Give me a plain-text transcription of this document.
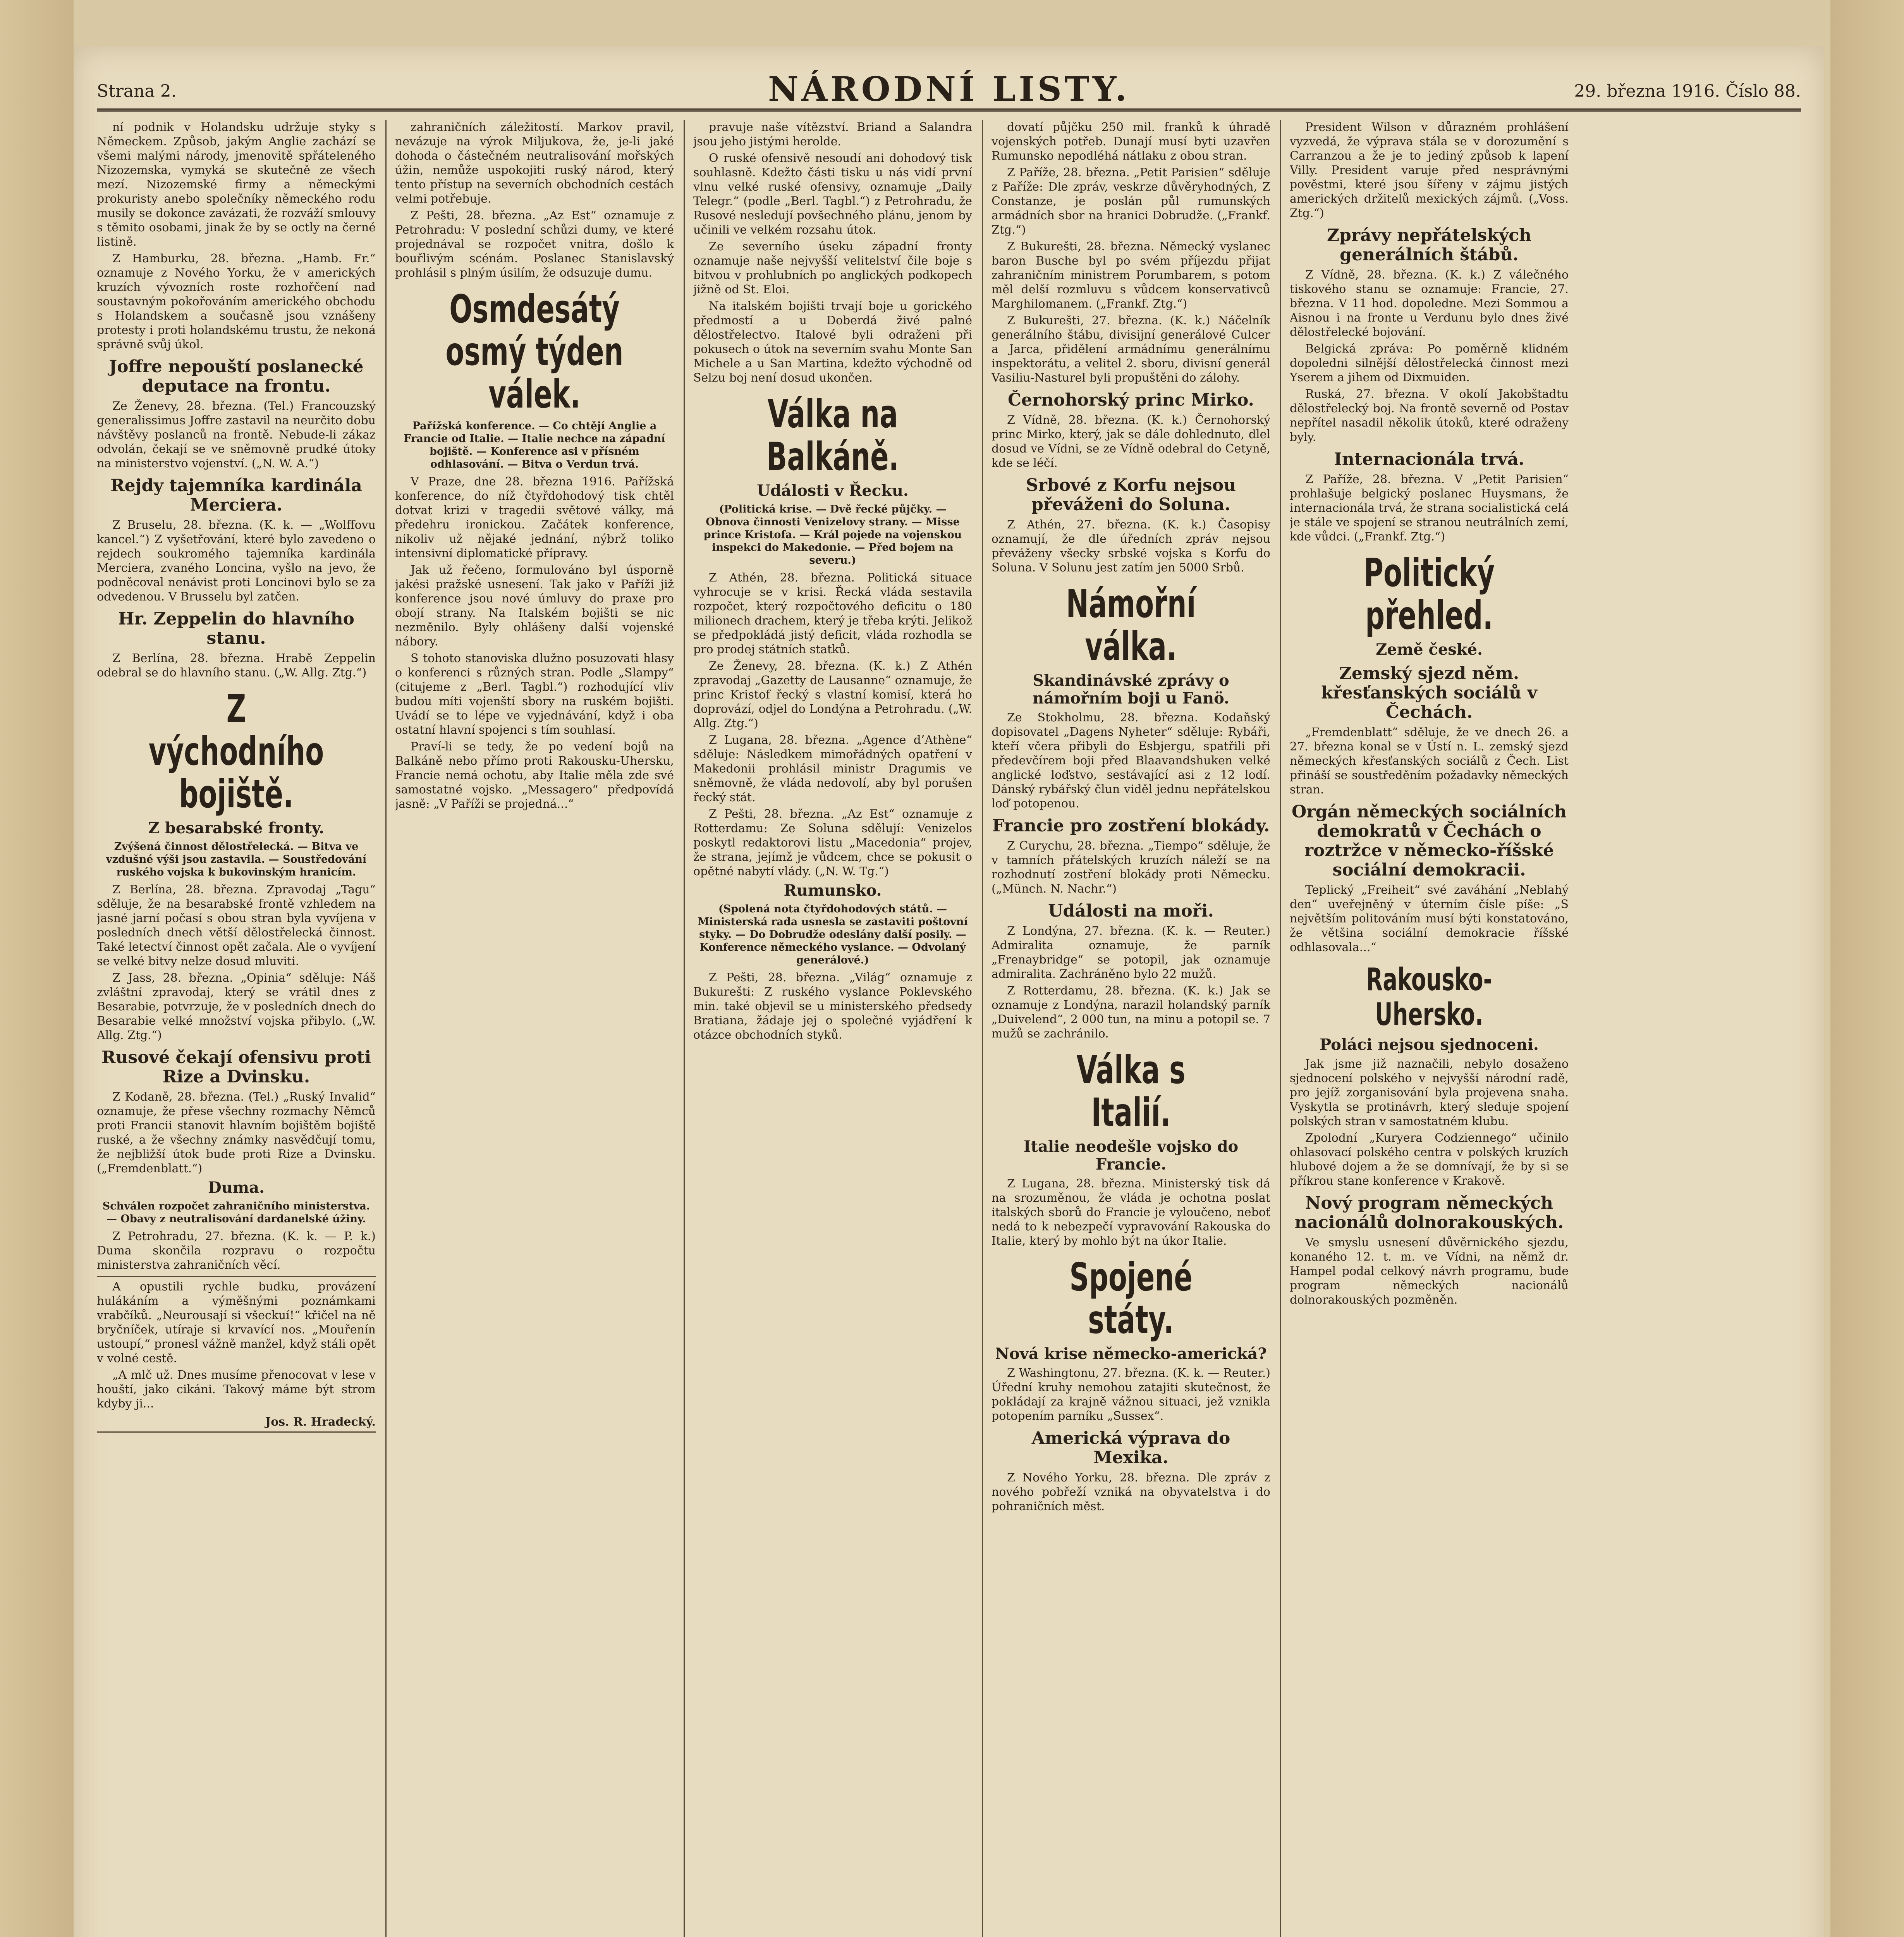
Strana 2.	NÁRODNÍ LISTY.	29. března 1916. Číslo 88.

ní podnik v Holandsku udržuje styky s Německem. Způsob, jakým Anglie zachází se všemi malými národy, jmenovitě spřáteleného Nizozemska, vymyká se skutečně ze všech mezí. Nizozemské firmy a německými prokuristy anebo společníky německého rodu musily se dokonce zavázati, že rozváží smlouvy s těmito osobami, jinak že by se octly na černé listině.

Z Hamburku, 28. března. „Hamb. Fr.“ oznamuje z Nového Yorku, že v amerických kruzích vývozních roste rozhořčení nad soustavným pokořováním amerického obchodu s Holandskem a současně jsou vznášeny protesty i proti holandskému trustu, že nekoná správně svůj úkol.

Joffre nepouští poslanecké deputace na frontu.

Ze Ženevy, 28. března. (Tel.) Francouzský generalissimus Joffre zastavil na neurčito dobu návštěvy poslanců na frontě. Nebude-li zákaz odvolán, čekají se ve sněmovně prudké útoky na ministerstvo vojenství. („N. W. A.“)

Rejdy tajemníka kardinála Merciera.

Z Bruselu, 28. března. (K. k. — „Wolffovu kancel.“) Z vyšetřování, které bylo zavedeno o rejdech soukromého tajemníka kardinála Merciera, zvaného Loncina, vyšlo na jevo, že podněcoval nenávist proti Loncinovi bylo se za odvedenou. V Brusselu byl zatčen.

Hr. Zeppelin do hlavního stanu.

Z Berlína, 28. března. Hrabě Zeppelin odebral se do hlavního stanu. („W. Allg. Ztg.“)

Z východního bojiště.
Z besarabské fronty.
Zvýšená činnost dělostřelecká. — Bitva ve vzdušné výši jsou zastavila. — Soustředování ruského vojska k bukovinským hranicím.

Z Berlína, 28. března. Zpravodaj „Tagu“ sděluje, že na besarabské frontě vzhledem na jasné jarní počasí s obou stran byla vyvíjena v posledních dnech větší dělostřelecká činnost. Také letectví činnost opět začala. Ale o vyvíjení se velké bitvy nelze dosud mluviti.

Z Jass, 28. března. „Opinia“ sděluje: Náš zvláštní zpravodaj, který se vrátil dnes z Besarabie, potvrzuje, že v posledních dnech do Besarabie velké množství vojska přibylo. („W. Allg. Ztg.“)

Rusové čekají ofensivu proti Rize a Dvinsku.

Z Kodaně, 28. března. (Tel.) „Ruský Invalid“ oznamuje, že přese všechny rozmachy Němců proti Francii stanovit hlavním bojištěm bojiště ruské, a že všechny známky nasvědčují tomu, že nejbližší útok bude proti Rize a Dvinsku. („Fremdenblatt.“)

Duma.
Schválen rozpočet zahraničního ministerstva. — Obavy z neutralisování dardanelské úžiny.

Z Petrohradu, 27. března. (K. k. — P. k.) Duma skončila rozpravu o rozpočtu ministerstva zahraničních věcí.

A opustili rychle budku, provázení hulákáním a výměšnými poznámkami vrabčíků. „Neurousají si všeckuí!“ křičel na ně bryčníček, utíraje si krvavící nos. „Mouřenín ustoupí,“ pronesl vážně manžel, když stáli opět v volné cestě.

„A mlč už. Dnes musíme přenocovat v lese v houští, jako cikáni. Takový máme být strom kdyby ji...

Jos. R. Hradecký.

zahraničních záležitostí. Markov pravil, nevázuje na výrok Miljukova, že, je-li jaké dohoda o částečném neutralisování mořských úžin, nemůže uspokojiti ruský národ, který tento přístup na severních obchodních cestách velmi potřebuje.

Z Pešti, 28. března. „Az Est“ oznamuje z Petrohradu: V poslední schůzi dumy, ve které projednával se rozpočet vnitra, došlo k bouřlivým scénám. Poslanec Stanislavský prohlásil s plným úsilím, že odsuzuje dumu.

Osmdesátý osmý týden válek.
Pařížská konference. — Co chtějí Anglie a Francie od Italie. — Italie nechce na západní bojiště. — Konference asi v přísném odhlasování. — Bitva o Verdun trvá.

V Praze, dne 28. března 1916. Pařížská konference, do níž čtyřdohodový tisk chtěl dotvat krizi v tragedii světové války, má předehru ironickou. Začátek konference, nikoliv už nějaké jednání, nýbrž toliko intensivní diplomatické přípravy.

Jak už řečeno, formulováno byl úsporně jakési pražské usnesení. Tak jako v Paříži již konference jsou nové úmluvy do praxe pro obojí strany. Na Italském bojišti se nic nezměnilo. Byly ohlášeny další vojenské nábory.

S tohoto stanoviska dlužno posuzovati hlasy o konferenci s různých stran. Podle „Slampy“ (citujeme z „Berl. Tagbl.“) rozhodující vliv budou míti vojenští sbory na ruském bojišti. Uvádí se to lépe ve vyjednávání, když i oba ostatní hlavní spojenci s tím souhlasí.

Praví-li se tedy, že po vedení bojů na Balkáně nebo přímo proti Rakousku-Uhersku, Francie nemá ochotu, aby Italie měla zde své samostatné vojsko. „Messagero“ předpovídá jasně: „V Paříži se projedná...“

pravuje naše vítězství. Briand a Salandra jsou jeho jistými herolde.

O ruské ofensivě nesoudí ani dohodový tisk souhlasně. Kdežto části tisku u nás vidí první vlnu velké ruské ofensivy, oznamuje „Daily Telegr.“ (podle „Berl. Tagbl.“) z Petrohradu, že Rusové nesledují povšechného plánu, jenom by učinili ve velkém rozsahu útok.

Ze severního úseku západní fronty oznamuje naše nejvyšší velitelství čile boje s bitvou v prohlubních po anglických podkopech jižně od St. Eloi.

Na italském bojišti trvají boje u gorického předmostí a u Doberdá živé palné dělostřelectvo. Italové byli odraženi při pokusech o útok na severním svahu Monte San Michele a u San Martina, kdežto východně od Selzu boj není dosud ukončen.

Válka na Balkáně.
Události v Řecku.
(Politická krise. — Dvě řecké půjčky. — Obnova činnosti Venizelovy strany. — Misse prince Kristofa. — Král pojede na vojenskou inspekci do Makedonie. — Před bojem na severu.)

Z Athén, 28. března. Politická situace vyhrocuje se v krisi. Řecká vláda sestavila rozpočet, který rozpočtového deficitu o 180 milionech drachem, který je třeba krýti. Jelikož se předpokládá jistý deficit, vláda rozhodla se pro prodej státních statků.

Ze Ženevy, 28. března. (K. k.) Z Athén zpravodaj „Gazetty de Lausanne“ oznamuje, že princ Kristof řecký s vlastní komisí, která ho doprovází, odjel do Londýna a Petrohradu. („W. Allg. Ztg.“)

Z Lugana, 28. března. „Agence d’Athène“ sděluje: Následkem mimořádných opatření v Makedonii prohlásil ministr Dragumis ve sněmovně, že vláda nedovolí, aby byl porušen řecký stát.

Z Pešti, 28. března. „Az Est“ oznamuje z Rotterdamu: Ze Soluna sdělují: Venizelos poskytl redaktorovi listu „Macedonia“ projev, že strana, jejímž je vůdcem, chce se pokusit o opětné nabytí vlády. („N. W. Tg.“)

Rumunsko.
(Spolená nota čtyřdohodových států. — Ministerská rada usnesla se zastaviti poštovní styky. — Do Dobrudže odeslány další posily. — Konference německého vyslance. — Odvolaný generálové.)

Z Pešti, 28. března. „Világ“ oznamuje z Bukurešti: Z ruského vyslance Poklevského min. také objevil se u ministerského předsedy Bratiana, žádaje jej o společné vyjádření k otázce obchodních styků.

dovatí půjčku 250 mil. franků k úhradě vojenských potřeb. Dunají musí byti uzavřen Rumunsko nepodléhá nátlaku z obou stran.

Z Paříže, 28. března. „Petit Parisien“ sděluje z Paříže: Dle zpráv, veskrze důvěryhodných, Z Constanze, je poslán půl rumunských armádních sbor na hranici Dobrudže. („Frankf. Ztg.“)

Z Bukurešti, 28. března. Německý vyslanec baron Busche byl po svém příjezdu přijat zahraničním ministrem Porumbarem, s potom měl delší rozmluvu s vůdcem konservativců Marghilomanem. („Frankf. Ztg.“)

Z Bukurešti, 27. března. (K. k.) Náčelník generálního štábu, divisijní generálové Culcer a Jarca, přidělení armádnímu generálnímu inspektorátu, a velitel 2. sboru, divisní generál Vasiliu-Nasturel byli propuštěni do zálohy.

Černohorský princ Mirko.

Z Vídně, 28. března. (K. k.) Černohorský princ Mirko, který, jak se dále dohlednuto, dlel dosud ve Vídni, se ze Vídně odebral do Cetyně, kde se léčí.

Srbové z Korfu nejsou převáženi do Soluna.

Z Athén, 27. března. (K. k.) Časopisy oznamují, že dle úředních zpráv nejsou převáženy všecky srbské vojska s Korfu do Soluna. V Solunu jest zatím jen 5000 Srbů.

Námořní válka.
Skandinávské zprávy o námořním boji u Fanö.

Ze Stokholmu, 28. března. Kodaňský dopisovatel „Dagens Nyheter“ sděluje: Rybáři, kteří včera přibyli do Esbjergu, spatřili při předevčírem boji před Blaavandshuken velké anglické loďstvo, sestávající asi z 12 lodí. Dánský rybářský člun viděl jednu nepřátelskou loď potopenou.

Francie pro zostření blokády.

Z Curychu, 28. března. „Tiempo“ sděluje, že v tamních přátelských kruzích náleží se na rozhodnutí zostření blokády proti Německu. („Münch. N. Nachr.“)

Události na moři.

Z Londýna, 27. března. (K. k. — Reuter.) Admiralita oznamuje, že parník „Frenaybridge“ se potopil, jak oznamuje admiralita. Zachráněno bylo 22 mužů.

Z Rotterdamu, 28. března. (K. k.) Jak se oznamuje z Londýna, narazil holandský parník „Duivelend“, 2 000 tun, na minu a potopil se. 7 mužů se zachránilo.

Válka s Italií.
Italie neodešle vojsko do Francie.

Z Lugana, 28. března. Ministerský tisk dá na srozuměnou, že vláda je ochotna poslat italských sborů do Francie je vyloučeno, neboť nedá to k nebezpečí vypravování Rakouska do Italie, který by mohlo být na úkor Italie.

Spojené státy.
Nová krise německo-americká?

Z Washingtonu, 27. března. (K. k. — Reuter.) Úřední kruhy nemohou zatajiti skutečnost, že pokládají za krajně vážnou situaci, jež vznikla potopením parníku „Sussex“.

Americká výprava do Mexika.

Z Nového Yorku, 28. března. Dle zpráv z nového pobřeží vzniká na obyvatelstva i do pohraničních měst.

President Wilson v důrazném prohlášení vyzvedá, že výprava stála se v dorozumění s Carranzou a že je to jediný způsob k lapení Villy. President varuje před nesprávnými pověstmi, které jsou šířeny v zájmu jistých amerických držitelů mexických zájmů. („Voss. Ztg.“)

Zprávy nepřátelských generálních štábů.

Z Vídně, 28. března. (K. k.) Z válečného tiskového stanu se oznamuje: Francie, 27. března. V 11 hod. dopoledne. Mezi Sommou a Aisnou i na fronte u Verdunu bylo dnes živé dělostřelecké bojování.

Belgická zpráva: Po poměrně klidném dopoledni silnější dělostřelecká činnost mezi Yserem a jihem od Dixmuiden.

Ruská, 27. března. V okolí Jakobštadtu dělostřelecký boj. Na frontě severně od Postav nepřítel nasadil několik útoků, které odraženy byly.

Internacionála trvá.

Z Paříže, 28. března. V „Petit Parisien“ prohlašuje belgický poslanec Huysmans, že internacionála trvá, že strana socialistická celá je stále ve spojení se stranou neutrálních zemí, kde vůdci. („Frankf. Ztg.“)

Politický přehled.
Země české.
Zemský sjezd něm. křesťanských sociálů v Čechách.

„Fremdenblatt“ sděluje, že ve dnech 26. a 27. března konal se v Ústí n. L. zemský sjezd německých křesťanských sociálů z Čech. List přináší se soustředěním požadavky německých stran.

Orgán německých sociálních demokratů v Čechách o roztržce v německo-říšské sociální demokracii.

Teplický „Freiheit“ své zaváhání „Neblahý den“ uveřejněný v úterním čísle píše: „S největším politováním musí býti konstatováno, že většina sociální demokracie říšské odhlasovala...“

Rakousko-Uhersko.
Poláci nejsou sjednoceni.

Jak jsme již naznačili, nebylo dosaženo sjednocení polského v nejvyšší národní radě, pro jejíž zorganisování byla projevena snaha. Vyskytla se protinávrh, který sleduje spojení polských stran v samostatném klubu.

Zpolodní „Kuryera Codziennego“ učinilo ohlasovací polského centra v polských kruzích hlubové dojem a že se domnívají, že by si se příkrou stane konference v Krakově.

Nový program německých nacionálů dolnorakouských.

Ve smyslu usnesení důvěrnického sjezdu, konaného 12. t. m. ve Vídni, na němž dr. Hampel podal celkový návrh programu, bude program německých nacionálů dolnorakouských pozměněn.
